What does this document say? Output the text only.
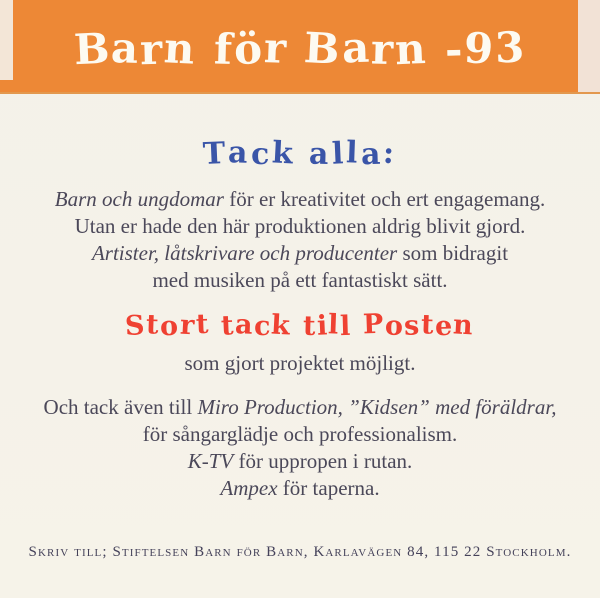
Barn för Barn -93
Tack alla:

Barn och ungdomar för er kreativitet och ert engagemang.
Utan er hade den här produktionen aldrig blivit gjord.
Artister, låtskrivare och producenter som bidragit
med musiken på ett fantastiskt sätt.

Stort tack till Posten

som gjort projektet möjligt.

Och tack även till Miro Production, ”Kidsen” med föräldrar,
för sångarglädje och professionalism.
K-TV för uppropen i rutan.
Ampex för taperna.

Skriv till; Stiftelsen Barn för Barn, Karlavägen 84, 115 22 Stockholm.
